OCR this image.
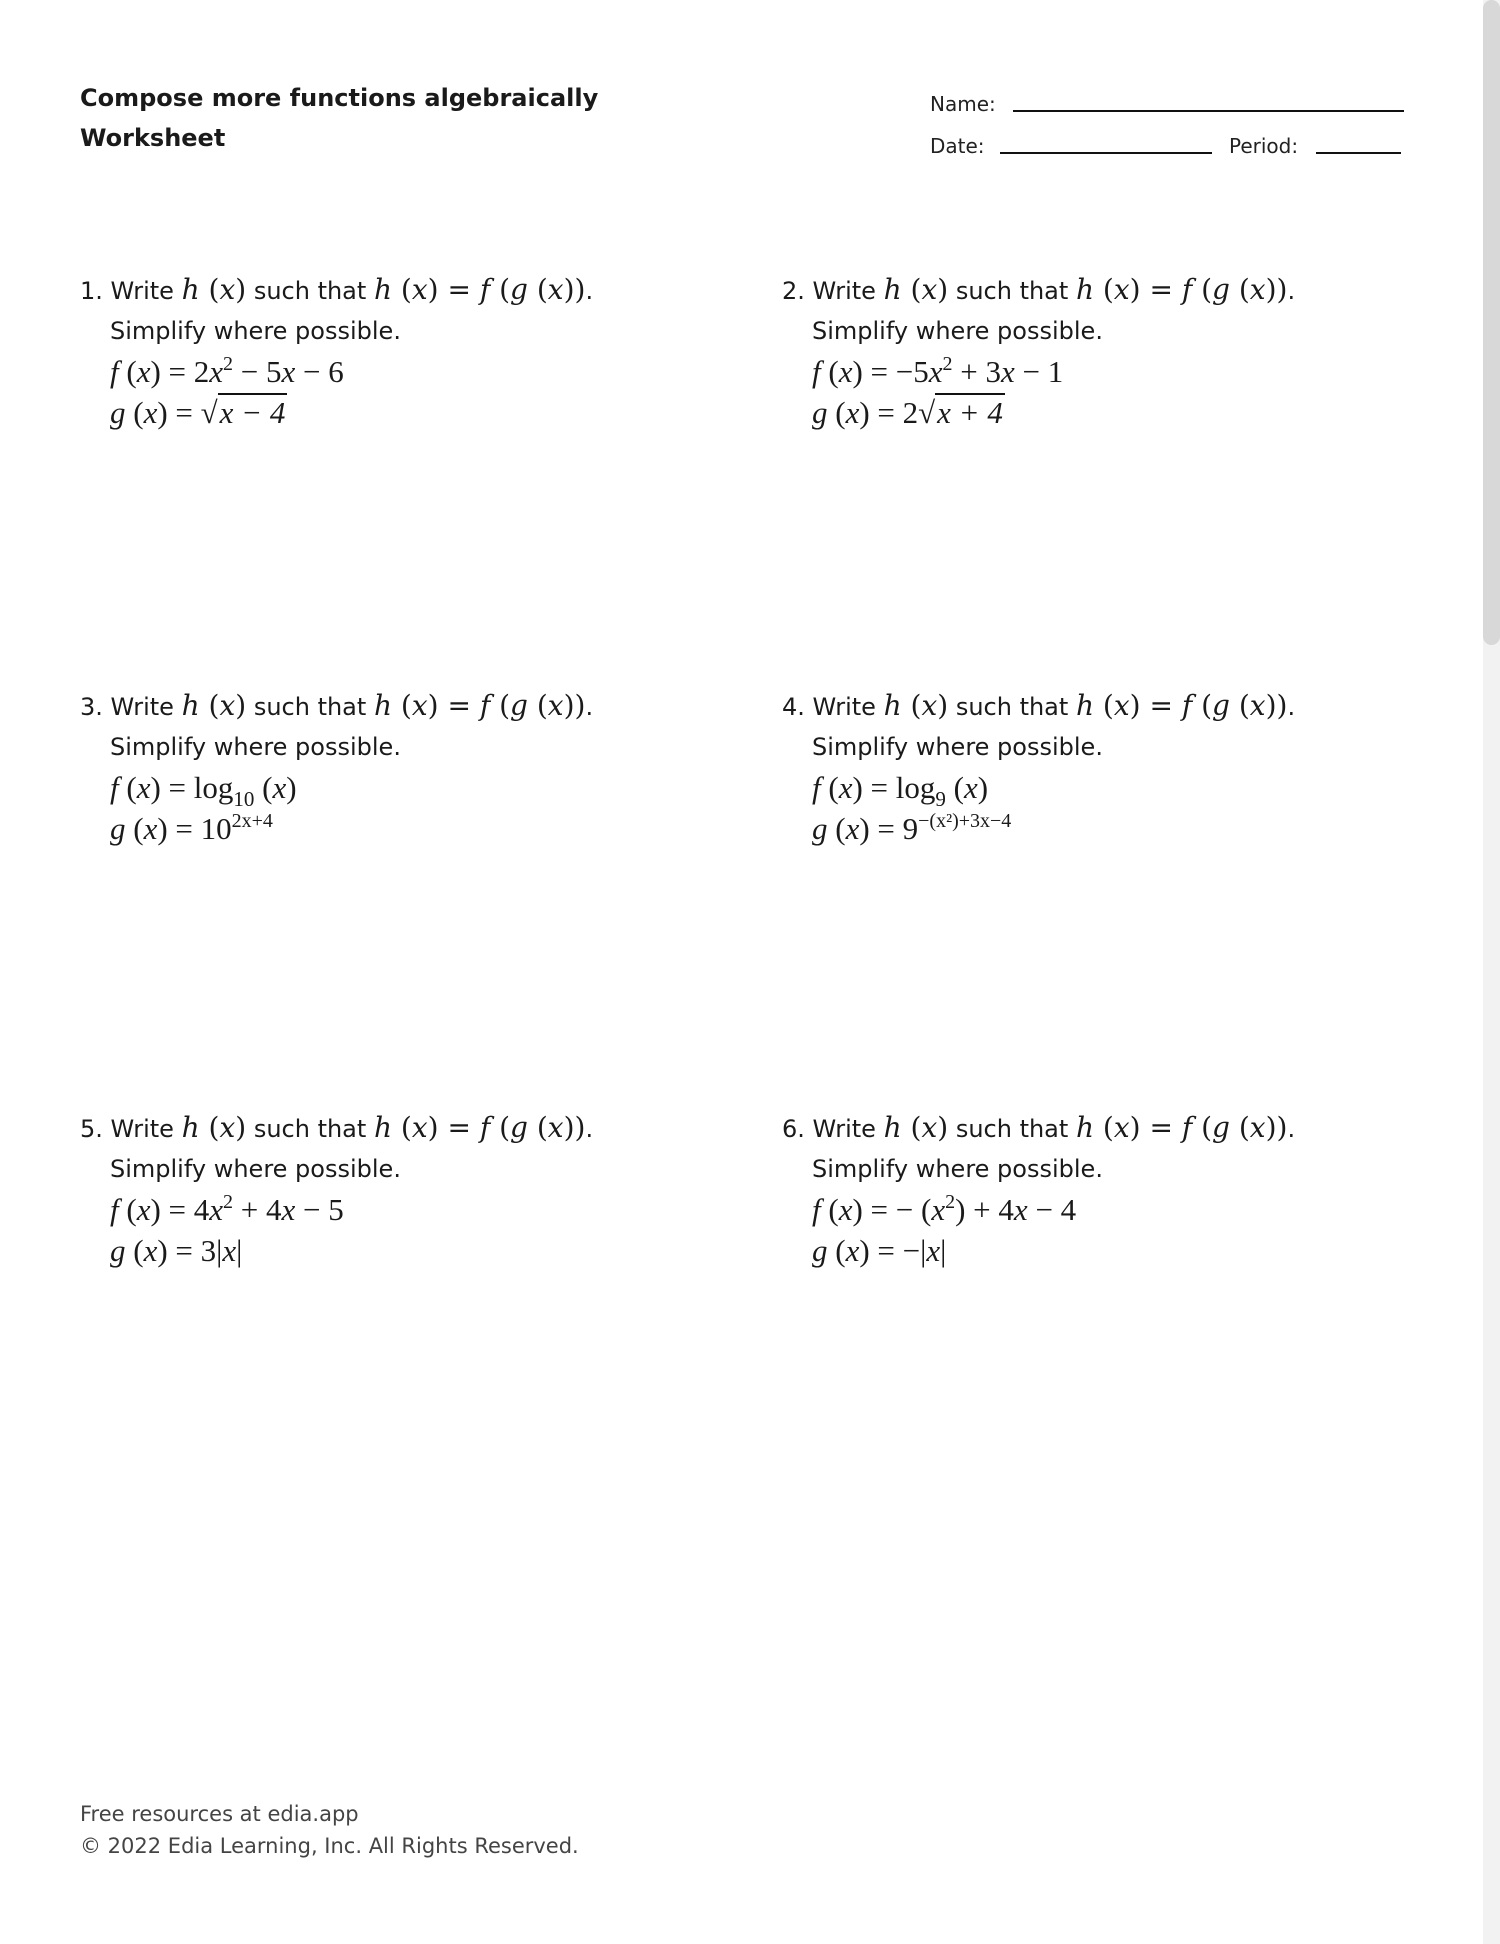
Compose more functions algebraically
Worksheet
Name:
Date:	Period:
1. Write h (x) such that h (x) = f (g (x)).
Simplify where possible.
f $(x) = 2x^2 - 5x - 6$
g (x) = √x − 4
2. Write h (x) such that h (x) = f (g (x)).
Simplify where possible.
f $(x) = -5x^2 + 3x - 1$
g (x) = 2√x + 4
3. Write h (x) such that h (x) = f (g (x)).
Simplify where possible.
f $(x) = \log_{10} (x)$
g $(x) = 10^{2x+4}$
4. Write h (x) such that h (x) = f (g (x)).
Simplify where possible.
f $(x) = \log_9 (x)$
g $(x) = 9^{-(x^2)+3x-4}$
5. Write h (x) such that h (x) = f (g (x)).
Simplify where possible.
f $(x) = 4x^2 + 4x - 5$
g (x) = 3|x|
6. Write h (x) such that h (x) = f (g (x)).
Simplify where possible.
f (x) = − $(x^2) + 4x - 4$
g (x) = −|x|
Free resources at edia.app
© 2022 Edia Learning, Inc. All Rights Reserved.
